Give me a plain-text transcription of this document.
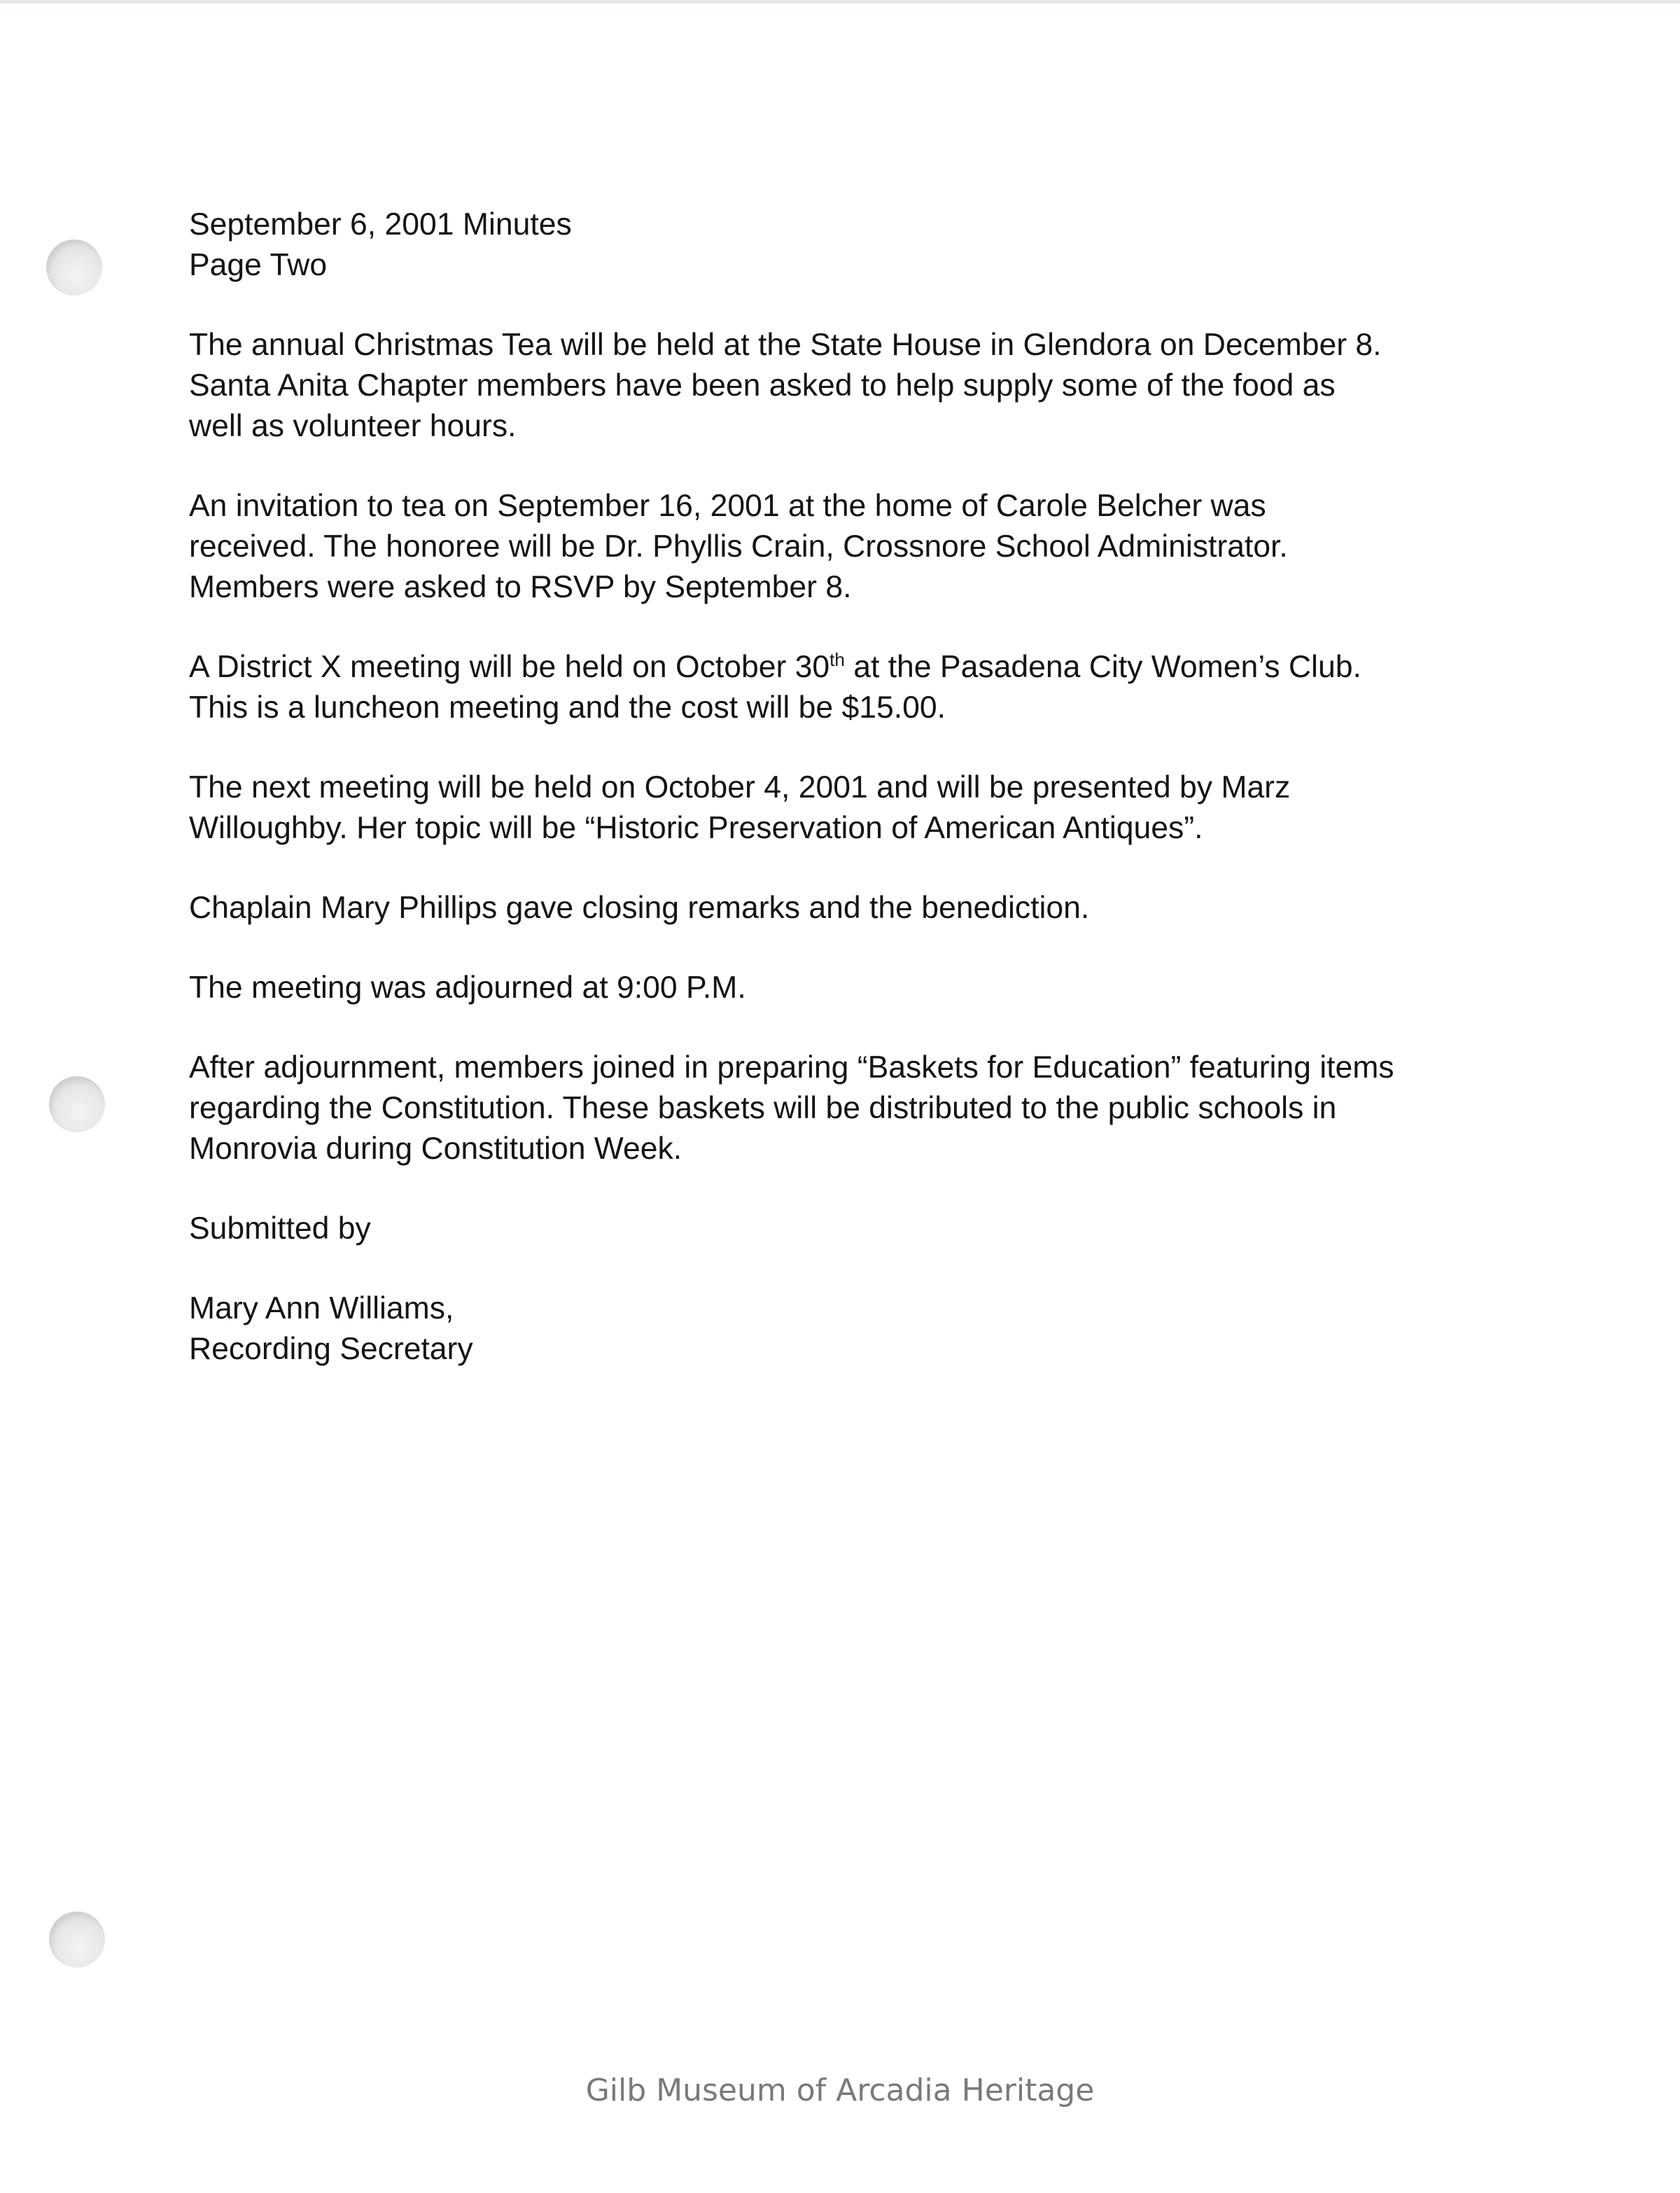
September 6, 2001 Minutes
Page Two

The annual Christmas Tea will be held at the State House in Glendora on December 8.
Santa Anita Chapter members have been asked to help supply some of the food as
well as volunteer hours.

An invitation to tea on September 16, 2001 at the home of Carole Belcher was
received. The honoree will be Dr. Phyllis Crain, Crossnore School Administrator.
Members were asked to RSVP by September 8.

A District X meeting will be held on October 30th at the Pasadena City Women’s Club.
This is a luncheon meeting and the cost will be $15.00.

The next meeting will be held on October 4, 2001 and will be presented by Marz
Willoughby. Her topic will be “Historic Preservation of American Antiques”.

Chaplain Mary Phillips gave closing remarks and the benediction.

The meeting was adjourned at 9:00 P.M.

After adjournment, members joined in preparing “Baskets for Education” featuring items
regarding the Constitution. These baskets will be distributed to the public schools in
Monrovia during Constitution Week.

Submitted by

Mary Ann Williams,
Recording Secretary

Gilb Museum of Arcadia Heritage
